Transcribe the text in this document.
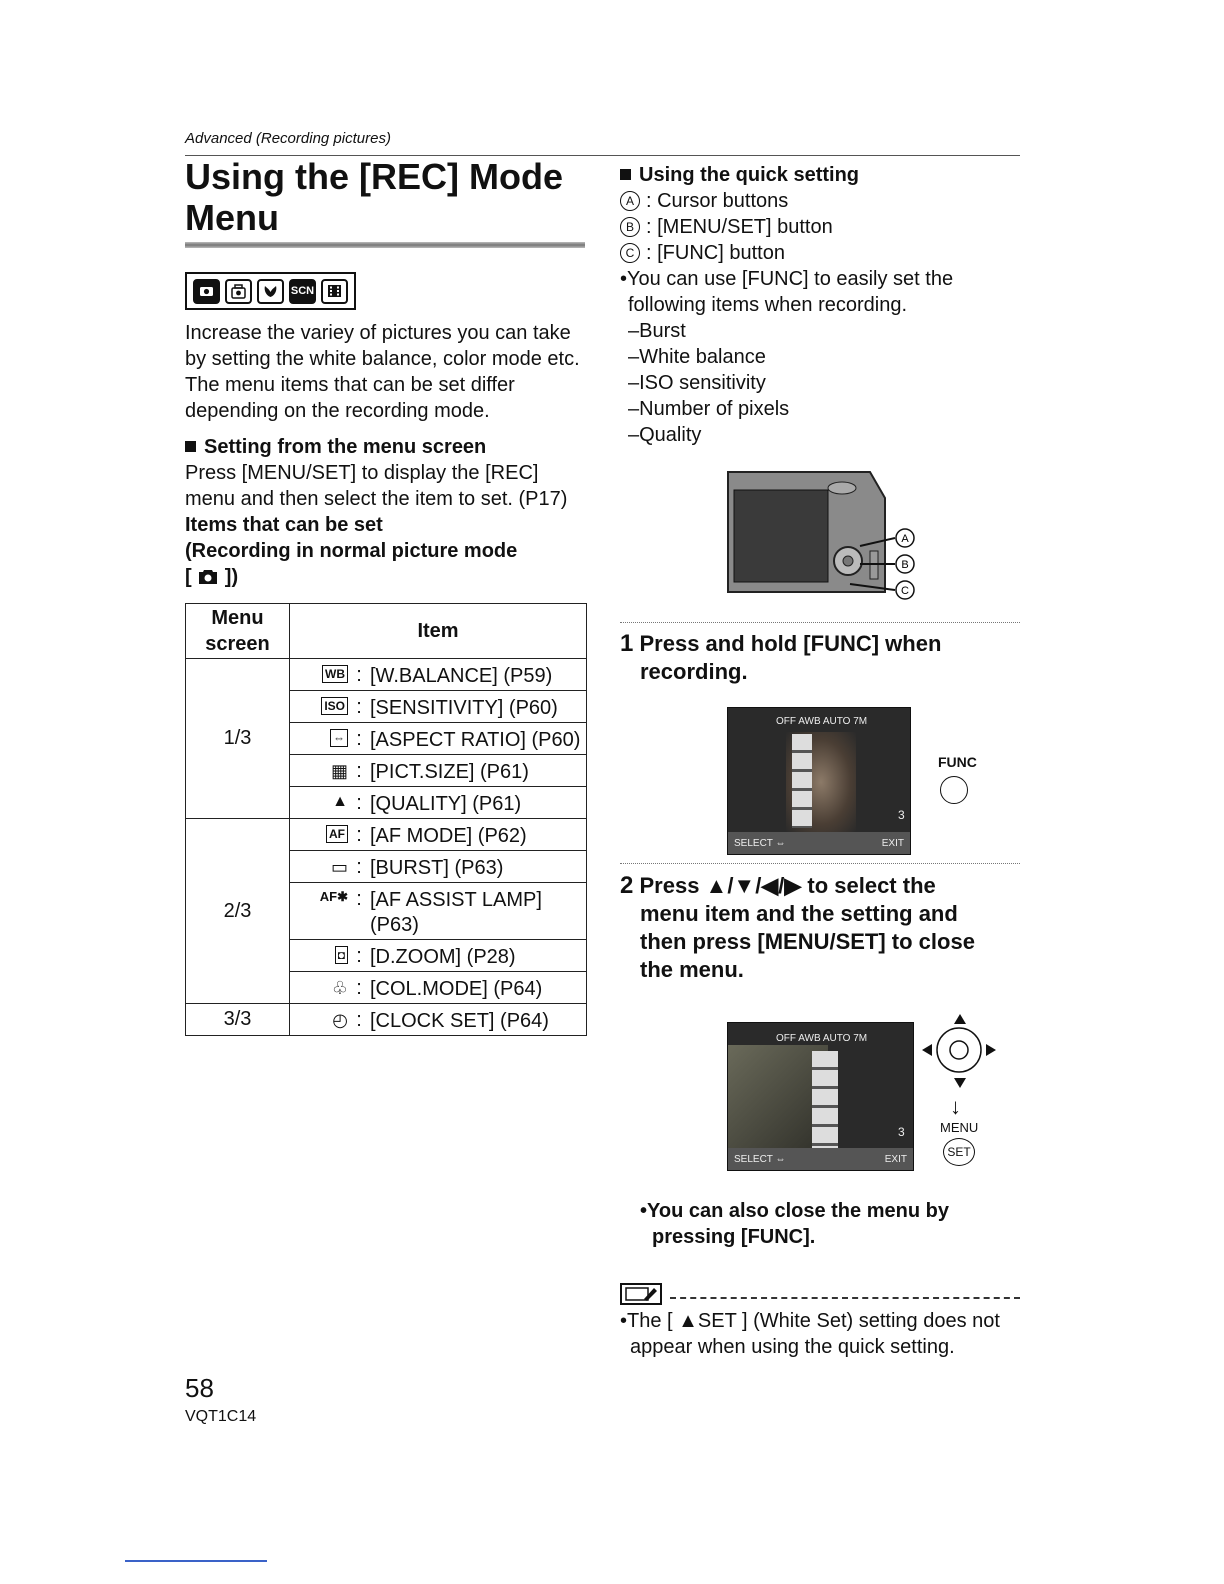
Advanced (Recording pictures)
Using the [REC] Mode
Menu
SCN
Increase the variey of pictures you can take by setting the white balance, color mode etc. The menu items that can be set differ depending on the recording mode.
Setting from the menu screen
Press [MENU/SET] to display the [REC] menu and then select the item to set. (P17)
Items that can be set
(Recording in normal picture mode
[ ])
Menu
screen	Item
1/3	WB : [W.BALANCE] (P59)

	ISO : [SENSITIVITY] (P60)

	⇔ : [ASPECT RATIO] (P60)

	▦ : [PICT.SIZE] (P61)

	▲ : [QUALITY] (P61)

2/3	AF : [AF MODE] (P62)

	▭ : [BURST] (P63)

	AF✱ : [AF ASSIST LAMP]
(P63)

	◘ : [D.ZOOM] (P28)

	♧ : [COL.MODE] (P64)

3/3	◴ : [CLOCK SET] (P64)
Using the quick setting
A : Cursor buttons
B : [MENU/SET] button
C : [FUNC] button
•You can use [FUNC] to easily set the
following items when recording.
–Burst
–White balance
–ISO sensitivity
–Number of pixels
–Quality
A
B
C
1 Press and hold [FUNC] when
recording.
OFF AWB AUTO 7M
3
SELECT ⇔	EXIT
FUNC
2 Press ▲/▼/◀/▶ to select the
menu item and the setting and
then press [MENU/SET] to close
the menu.
OFF AWB AUTO 7M
3
SELECT ⇔	EXIT
↓
MENU
SET
•You can also close the menu by
pressing [FUNC].
•The [ ▲SET ] (White Set) setting does not
appear when using the quick setting.
58
VQT1C14
